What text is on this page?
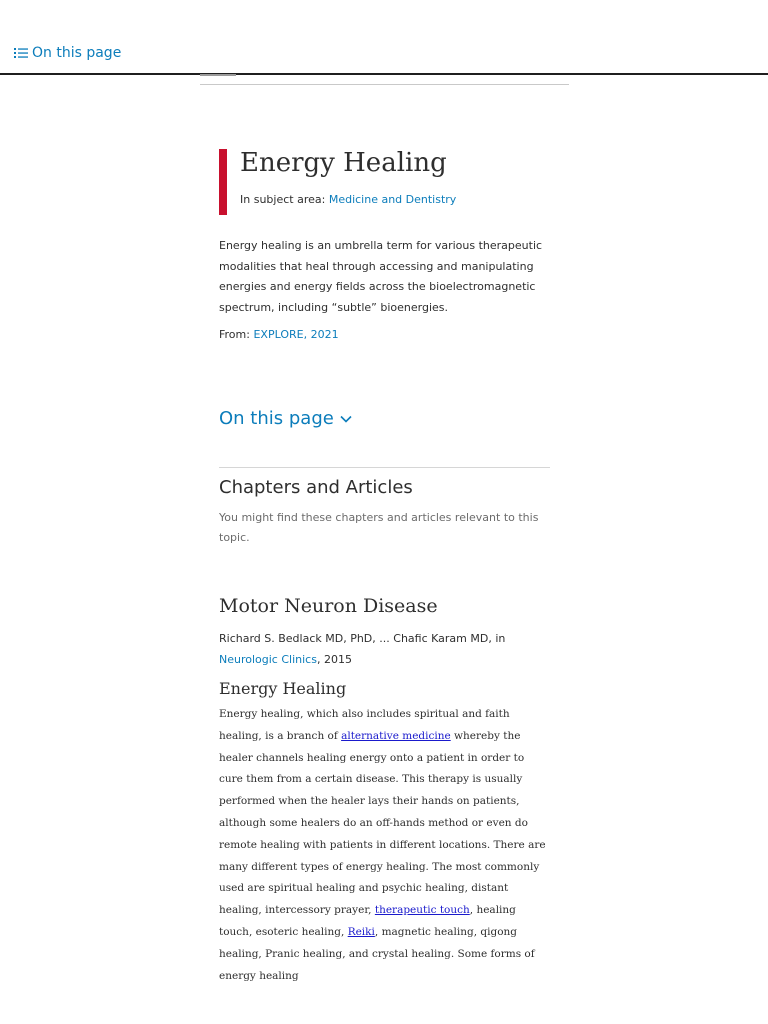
On this page
Energy Healing
In subject area: Medicine and Dentistry

Energy healing is an umbrella term for various therapeutic modalities that heal through accessing and manipulating energies and energy fields across the bioelectromagnetic spectrum, including “subtle” bioenergies.

From: EXPLORE, 2021
On this page
Chapters and Articles

You might find these chapters and articles relevant to this topic.

Motor Neuron Disease
Richard S. Bedlack MD, PhD, ... Chafic Karam MD, in
Neurologic Clinics, 2015
Energy Healing

Energy healing, which also includes spiritual and faith healing, is a branch of alternative medicine whereby the healer channels healing energy onto a patient in order to cure them from a certain disease. This therapy is usually performed when the healer lays their hands on patients, although some healers do an off-hands method or even do remote healing with patients in different locations. There are many different types of energy healing. The most commonly used are spiritual healing and psychic healing, distant healing, intercessory prayer, therapeutic touch, healing touch, esoteric healing, Reiki, magnetic healing, qigong healing, Pranic healing, and crystal healing. Some forms of energy healing
